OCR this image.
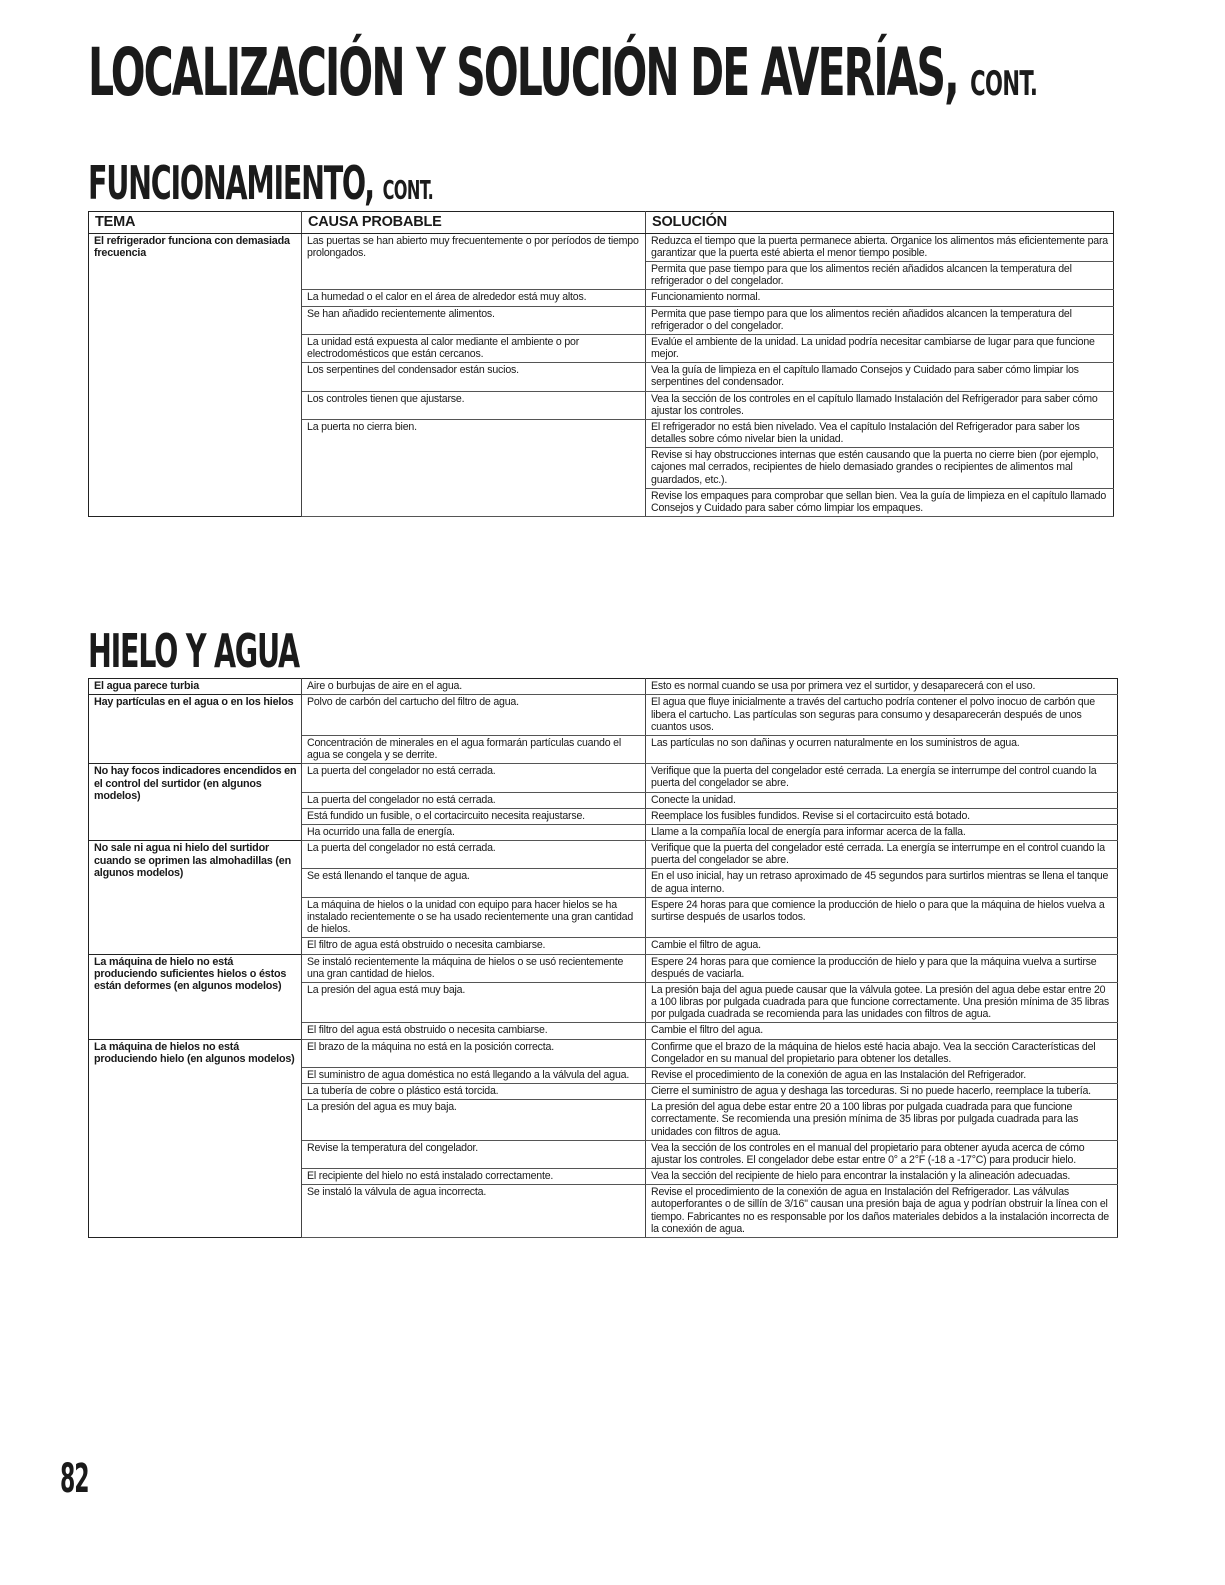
LOCALIZACIÓN Y SOLUCIÓN DE AVERÍAS, CONT.
FUNCIONAMIENTO, CONT.
TEMA	CAUSA PROBABLE	SOLUCIÓN
El refrigerador funciona con demasiada frecuencia	Las puertas se han abierto muy frecuentemente o por períodos de tiempo prolongados.	Reduzca el tiempo que la puerta permanece abierta. Organice los alimentos más eficientemente para garantizar que la puerta esté abierta el menor tiempo posible.
		Permita que pase tiempo para que los alimentos recién añadidos alcancen la temperatura del refrigerador o del congelador.
	La humedad o el calor en el área de alrededor está muy altos.	Funcionamiento normal.
	Se han añadido recientemente alimentos.	Permita que pase tiempo para que los alimentos recién añadidos alcancen la temperatura del refrigerador o del congelador.
	La unidad está expuesta al calor mediante el ambiente o por electrodomésticos que están cercanos.	Evalúe el ambiente de la unidad. La unidad podría necesitar cambiarse de lugar para que funcione mejor.
	Los serpentines del condensador están sucios.	Vea la guía de limpieza en el capítulo llamado Consejos y Cuidado para saber cómo limpiar los serpentines del condensador.
	Los controles tienen que ajustarse.	Vea la sección de los controles en el capítulo llamado Instalación del Refrigerador para saber cómo ajustar los controles.
	La puerta no cierra bien.	El refrigerador no está bien nivelado. Vea el capítulo Instalación del Refrigerador para saber los detalles sobre cómo nivelar bien la unidad.
		Revise si hay obstrucciones internas que estén causando que la puerta no cierre bien (por ejemplo, cajones mal cerrados, recipientes de hielo demasiado grandes o recipientes de alimentos mal guardados, etc.).
		Revise los empaques para comprobar que sellan bien. Vea la guía de limpieza en el capítulo llamado Consejos y Cuidado para saber cómo limpiar los empaques.
HIELO Y AGUA
El agua parece turbia	Aire o burbujas de aire en el agua.	Esto es normal cuando se usa por primera vez el surtidor, y desaparecerá con el uso.
Hay partículas en el agua o en los hielos	Polvo de carbón del cartucho del filtro de agua.	El agua que fluye inicialmente a través del cartucho podría contener el polvo inocuo de carbón que libera el cartucho. Las partículas son seguras para consumo y desaparecerán después de unos cuantos usos.
	Concentración de minerales en el agua formarán partículas cuando el agua se congela y se derrite.	Las partículas no son dañinas y ocurren naturalmente en los suministros de agua.
No hay focos indicadores encendidos en el control del surtidor (en algunos modelos)	La puerta del congelador no está cerrada.	Verifique que la puerta del congelador esté cerrada. La energía se interrumpe del control cuando la puerta del congelador se abre.
	La puerta del congelador no está cerrada.	Conecte la unidad.
	Está fundido un fusible, o el cortacircuito necesita reajustarse.	Reemplace los fusibles fundidos. Revise si el cortacircuito está botado.
	Ha ocurrido una falla de energía.	Llame a la compañía local de energía para informar acerca de la falla.
No sale ni agua ni hielo del surtidor cuando se oprimen las almohadillas (en algunos modelos)	La puerta del congelador no está cerrada.	Verifique que la puerta del congelador esté cerrada. La energía se interrumpe en el control cuando la puerta del congelador se abre.
	Se está llenando el tanque de agua.	En el uso inicial, hay un retraso aproximado de 45 segundos para surtirlos mientras se llena el tanque de agua interno.
	La máquina de hielos o la unidad con equipo para hacer hielos se ha instalado recientemente o se ha usado recientemente una gran cantidad de hielos.	Espere 24 horas para que comience la producción de hielo o para que la máquina de hielos vuelva a surtirse después de usarlos todos.
	El filtro de agua está obstruido o necesita cambiarse.	Cambie el filtro de agua.
La máquina de hielo no está produciendo suficientes hielos o éstos están deformes (en algunos modelos)	Se instaló recientemente la máquina de hielos o se usó recientemente una gran cantidad de hielos.	Espere 24 horas para que comience la producción de hielo y para que la máquina vuelva a surtirse después de vaciarla.
	La presión del agua está muy baja.	La presión baja del agua puede causar que la válvula gotee. La presión del agua debe estar entre 20 a 100 libras por pulgada cuadrada para que funcione correctamente. Una presión mínima de 35 libras por pulgada cuadrada se recomienda para las unidades con filtros de agua.
	El filtro del agua está obstruido o necesita cambiarse.	Cambie el filtro del agua.
La máquina de hielos no está produciendo hielo (en algunos modelos)	El brazo de la máquina no está en la posición correcta.	Confirme que el brazo de la máquina de hielos esté hacia abajo. Vea la sección Características del Congelador en su manual del propietario para obtener los detalles.
	El suministro de agua doméstica no está llegando a la válvula del agua.	Revise el procedimiento de la conexión de agua en las Instalación del Refrigerador.
	La tubería de cobre o plástico está torcida.	Cierre el suministro de agua y deshaga las torceduras. Si no puede hacerlo, reemplace la tubería.
	La presión del agua es muy baja.	La presión del agua debe estar entre 20 a 100 libras por pulgada cuadrada para que funcione correctamente. Se recomienda una presión mínima de 35 libras por pulgada cuadrada para las unidades con filtros de agua.
	Revise la temperatura del congelador.	Vea la sección de los controles en el manual del propietario para obtener ayuda acerca de cómo ajustar los controles. El congelador debe estar entre 0° a 2°F (-18 a -17°C) para producir hielo.
	El recipiente del hielo no está instalado correctamente.	Vea la sección del recipiente de hielo para encontrar la instalación y la alineación adecuadas.
	Se instaló la válvula de agua incorrecta.	Revise el procedimiento de la conexión de agua en Instalación del Refrigerador. Las válvulas autoperforantes o de sillín de 3/16" causan una presión baja de agua y podrían obstruir la línea con el tiempo. Fabricantes no es responsable por los daños materiales debidos a la instalación incorrecta de la conexión de agua.
82
